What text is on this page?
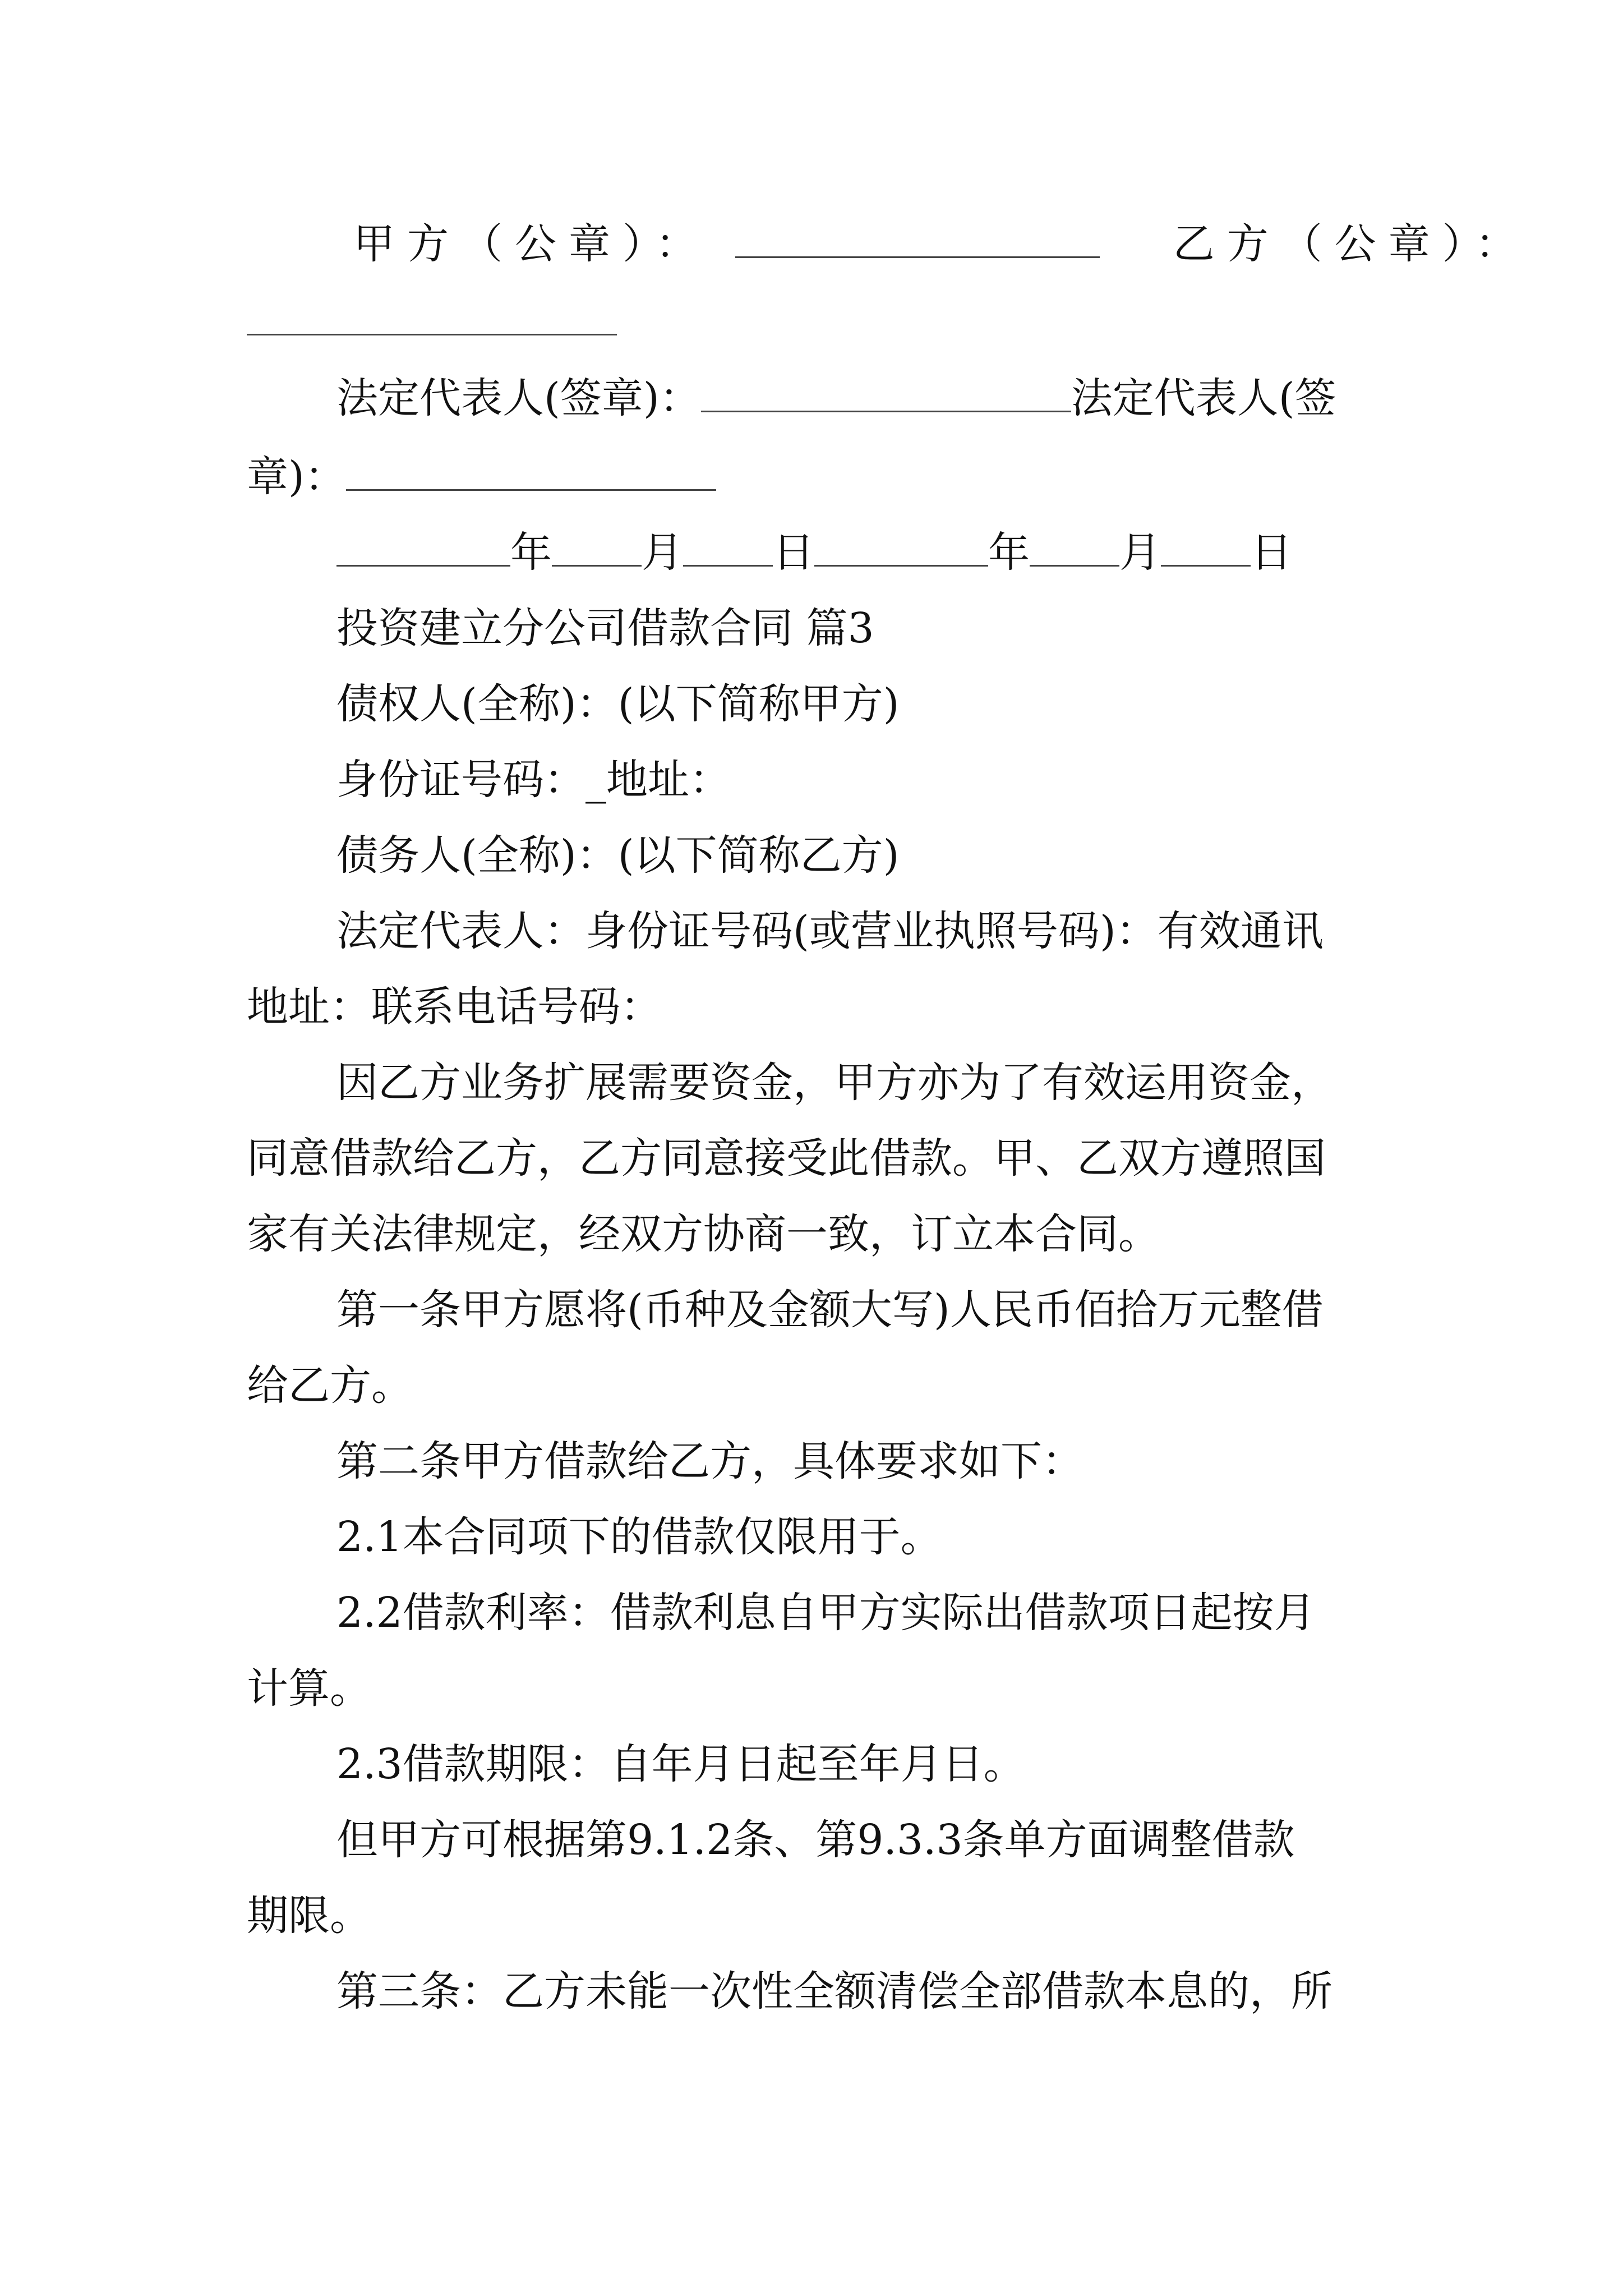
甲方（公章）：	乙方（公章）：
法定代表人(签章)：	法定代表人(签
章)：
年 月 日	年 月 日
投资建立分公司借款合同 篇3
债权人(全称)：(以下简称甲方)
身份证号码：_地址：
债务人(全称)：(以下简称乙方)
法定代表人：身份证号码(或营业执照号码)：有效通讯
地址：联系电话号码：
因乙方业务扩展需要资金，甲方亦为了有效运用资金，
同意借款给乙方，乙方同意接受此借款。甲、乙双方遵照国
家有关法律规定，经双方协商一致，订立本合同。
第一条甲方愿将(币种及金额大写)人民币佰拾万元整借
给乙方。
第二条甲方借款给乙方，具体要求如下：
2.1本合同项下的借款仅限用于。
2.2借款利率：借款利息自甲方实际出借款项日起按月
计算。
2.3借款期限：自年月日起至年月日。
但甲方可根据第9.1.2条、第9.3.3条单方面调整借款
期限。
第三条：乙方未能一次性全额清偿全部借款本息的，所
